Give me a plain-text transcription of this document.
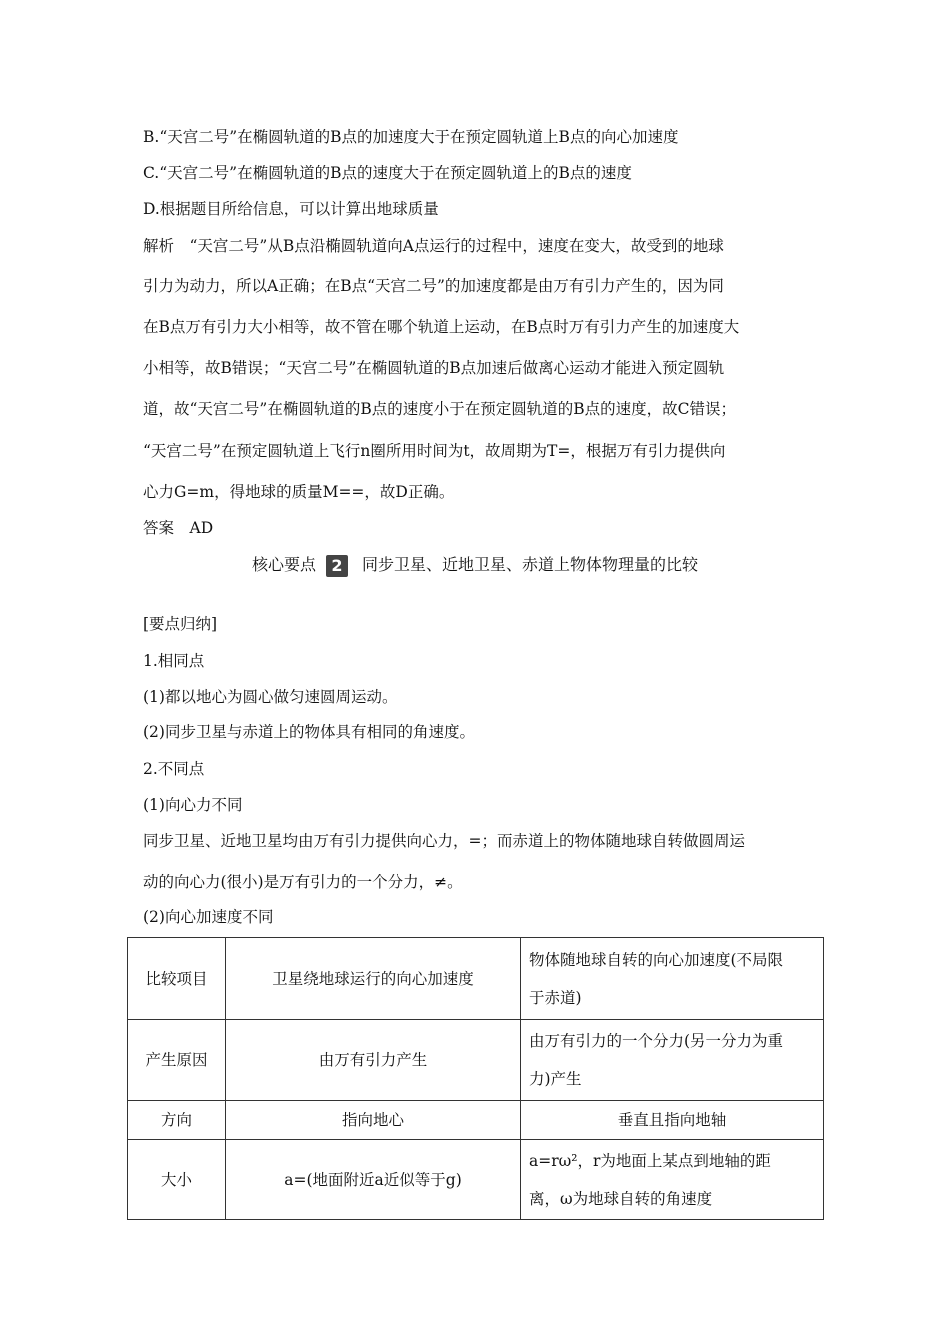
B.“天宫二号”在椭圆轨道的B点的加速度大于在预定圆轨道上B点的向心加速度
C.“天宫二号”在椭圆轨道的B点的速度大于在预定圆轨道上的B点的速度
D.根据题目所给信息，可以计算出地球质量
解析　“天宫二号”从B点沿椭圆轨道向A点运行的过程中，速度在变大，故受到的地球
引力为动力，所以A正确；在B点“天宫二号”的加速度都是由万有引力产生的，因为同
在B点万有引力大小相等，故不管在哪个轨道上运动，在B点时万有引力产生的加速度大
小相等，故B错误；“天宫二号”在椭圆轨道的B点加速后做离心运动才能进入预定圆轨
道，故“天宫二号”在椭圆轨道的B点的速度小于在预定圆轨道的B点的速度，故C错误；
“天宫二号”在预定圆轨道上飞行n圈所用时间为t，故周期为T=，根据万有引力提供向
心力G=m，得地球的质量M==，故D正确。
答案　AD
核心要点 2 同步卫星、近地卫星、赤道上物体物理量的比较
[要点归纳]
1.相同点
(1)都以地心为圆心做匀速圆周运动。
(2)同步卫星与赤道上的物体具有相同的角速度。
2.不同点
(1)向心力不同
同步卫星、近地卫星均由万有引力提供向心力，=；而赤道上的物体随地球自转做圆周运
动的向心力(很小)是万有引力的一个分力，≠。
(2)向心加速度不同
比较项目	卫星绕地球运行的向心加速度	物体随地球自转的向心加速度(不局限
于赤道)

产生原因	由万有引力产生	由万有引力的一个分力(另一分力为重
力)产生

方向	指向地心	垂直且指向地轴
大小	a=(地面附近a近似等于g)	a=rω²，r为地面上某点到地轴的距
离，ω为地球自转的角速度
